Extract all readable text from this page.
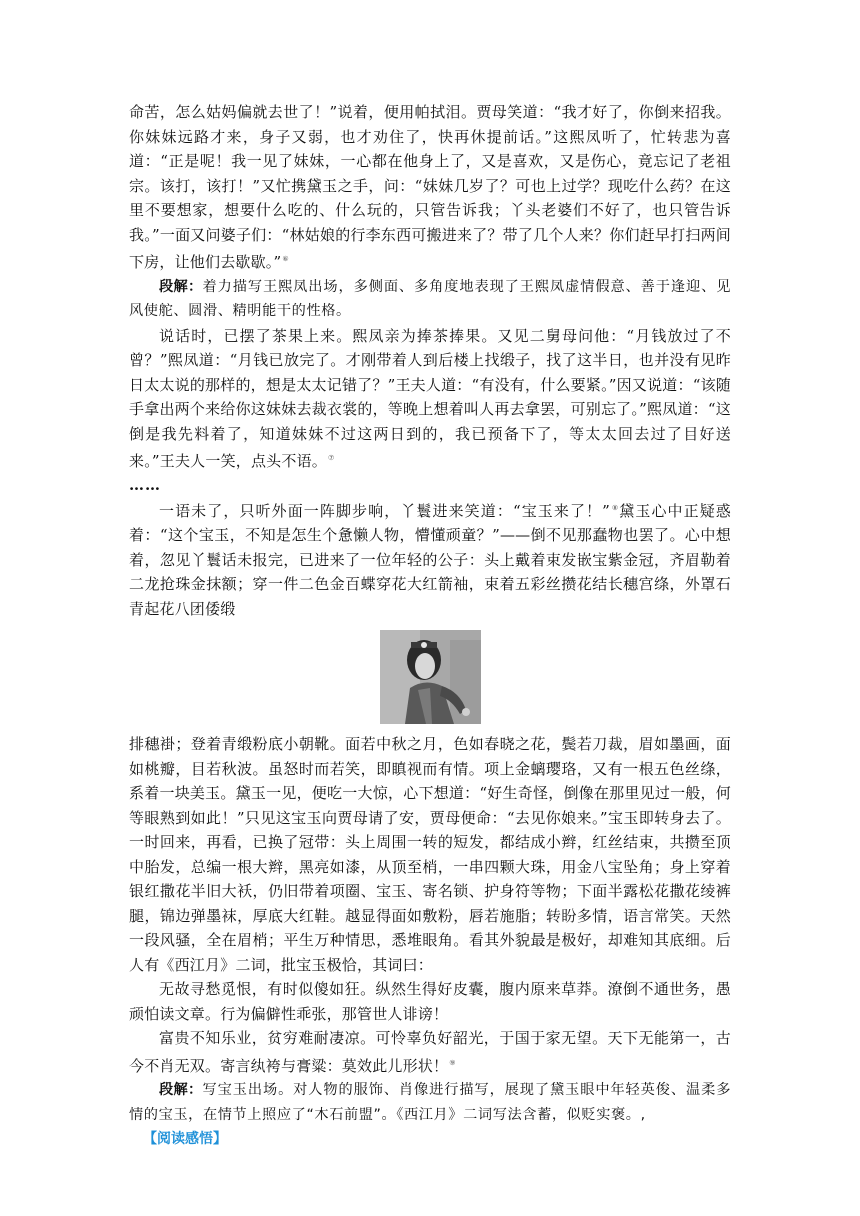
命苦，怎么姑妈偏就去世了！”说着，便用帕拭泪。贾母笑道：“我才好了，你倒来招我。你妹妹远路才来，身子又弱，也才劝住了，快再休提前话。”这熙凤听了，忙转悲为喜道：“正是呢！我一见了妹妹，一心都在他身上了，又是喜欢，又是伤心，竟忘记了老祖宗。该打，该打！”又忙携黛玉之手，问：“妹妹几岁了？可也上过学？现吃什么药？在这里不要想家，想要什么吃的、什么玩的，只管告诉我；丫头老婆们不好了，也只管告诉我。”一面又问婆子们：“林姑娘的行李东西可搬进来了？带了几个人来？你们赶早打扫两间下房，让他们去歇歇。”⑥

段解：着力描写王熙凤出场，多侧面、多角度地表现了王熙凤虚情假意、善于逢迎、见风使舵、圆滑、精明能干的性格。

说话时，已摆了茶果上来。熙凤亲为捧茶捧果。又见二舅母问他：“月钱放过了不曾？”熙凤道：“月钱已放完了。才刚带着人到后楼上找缎子，找了这半日，也并没有见昨日太太说的那样的，想是太太记错了？”王夫人道：“有没有，什么要紧。”因又说道：“该随手拿出两个来给你这妹妹去裁衣裳的，等晚上想着叫人再去拿罢，可别忘了。”熙凤道：“这倒是我先料着了，知道妹妹不过这两日到的，我已预备下了，等太太回去过了目好送来。”王夫人一笑，点头不语。⑦

……

一语未了，只听外面一阵脚步响，丫鬟进来笑道：“宝玉来了！”⑧黛玉心中正疑惑着：“这个宝玉，不知是怎生个惫懒人物，懵懂顽童？”——倒不见那蠢物也罢了。心中想着，忽见丫鬟话未报完，已进来了一位年轻的公子：头上戴着束发嵌宝紫金冠，齐眉勒着二龙抢珠金抹额；穿一件二色金百蝶穿花大红箭袖，束着五彩丝攒花结长穗宫绦，外罩石青起花八团倭缎

排穗褂；登着青缎粉底小朝靴。面若中秋之月，色如春晓之花，鬓若刀裁，眉如墨画，面如桃瓣，目若秋波。虽怒时而若笑，即瞋视而有情。项上金螭璎珞，又有一根五色丝绦，系着一块美玉。黛玉一见，便吃一大惊，心下想道：“好生奇怪，倒像在那里见过一般，何等眼熟到如此！”只见这宝玉向贾母请了安，贾母便命：“去见你娘来。”宝玉即转身去了。一时回来，再看，已换了冠带：头上周围一转的短发，都结成小辫，红丝结束，共攒至顶中胎发，总编一根大辫，黑亮如漆，从顶至梢，一串四颗大珠，用金八宝坠角；身上穿着银红撒花半旧大袄，仍旧带着项圈、宝玉、寄名锁、护身符等物；下面半露松花撒花绫裤腿，锦边弹墨袜，厚底大红鞋。越显得面如敷粉，唇若施脂；转盼多情，语言常笑。天然一段风骚，全在眉梢；平生万种情思，悉堆眼角。看其外貌最是极好，却难知其底细。后人有《西江月》二词，批宝玉极恰，其词曰：

无故寻愁觅恨，有时似傻如狂。纵然生得好皮囊，腹内原来草莽。潦倒不通世务，愚顽怕读文章。行为偏僻性乖张，那管世人诽谤！

富贵不知乐业，贫穷难耐凄凉。可怜辜负好韶光，于国于家无望。天下无能第一，古今不肖无双。寄言纨袴与膏粱：莫效此儿形状！⑨

段解：写宝玉出场。对人物的服饰、肖像进行描写，展现了黛玉眼中年轻英俊、温柔多情的宝玉，在情节上照应了“木石前盟”。《西江月》二词写法含蓄，似贬实褒。,

【阅读感悟】
